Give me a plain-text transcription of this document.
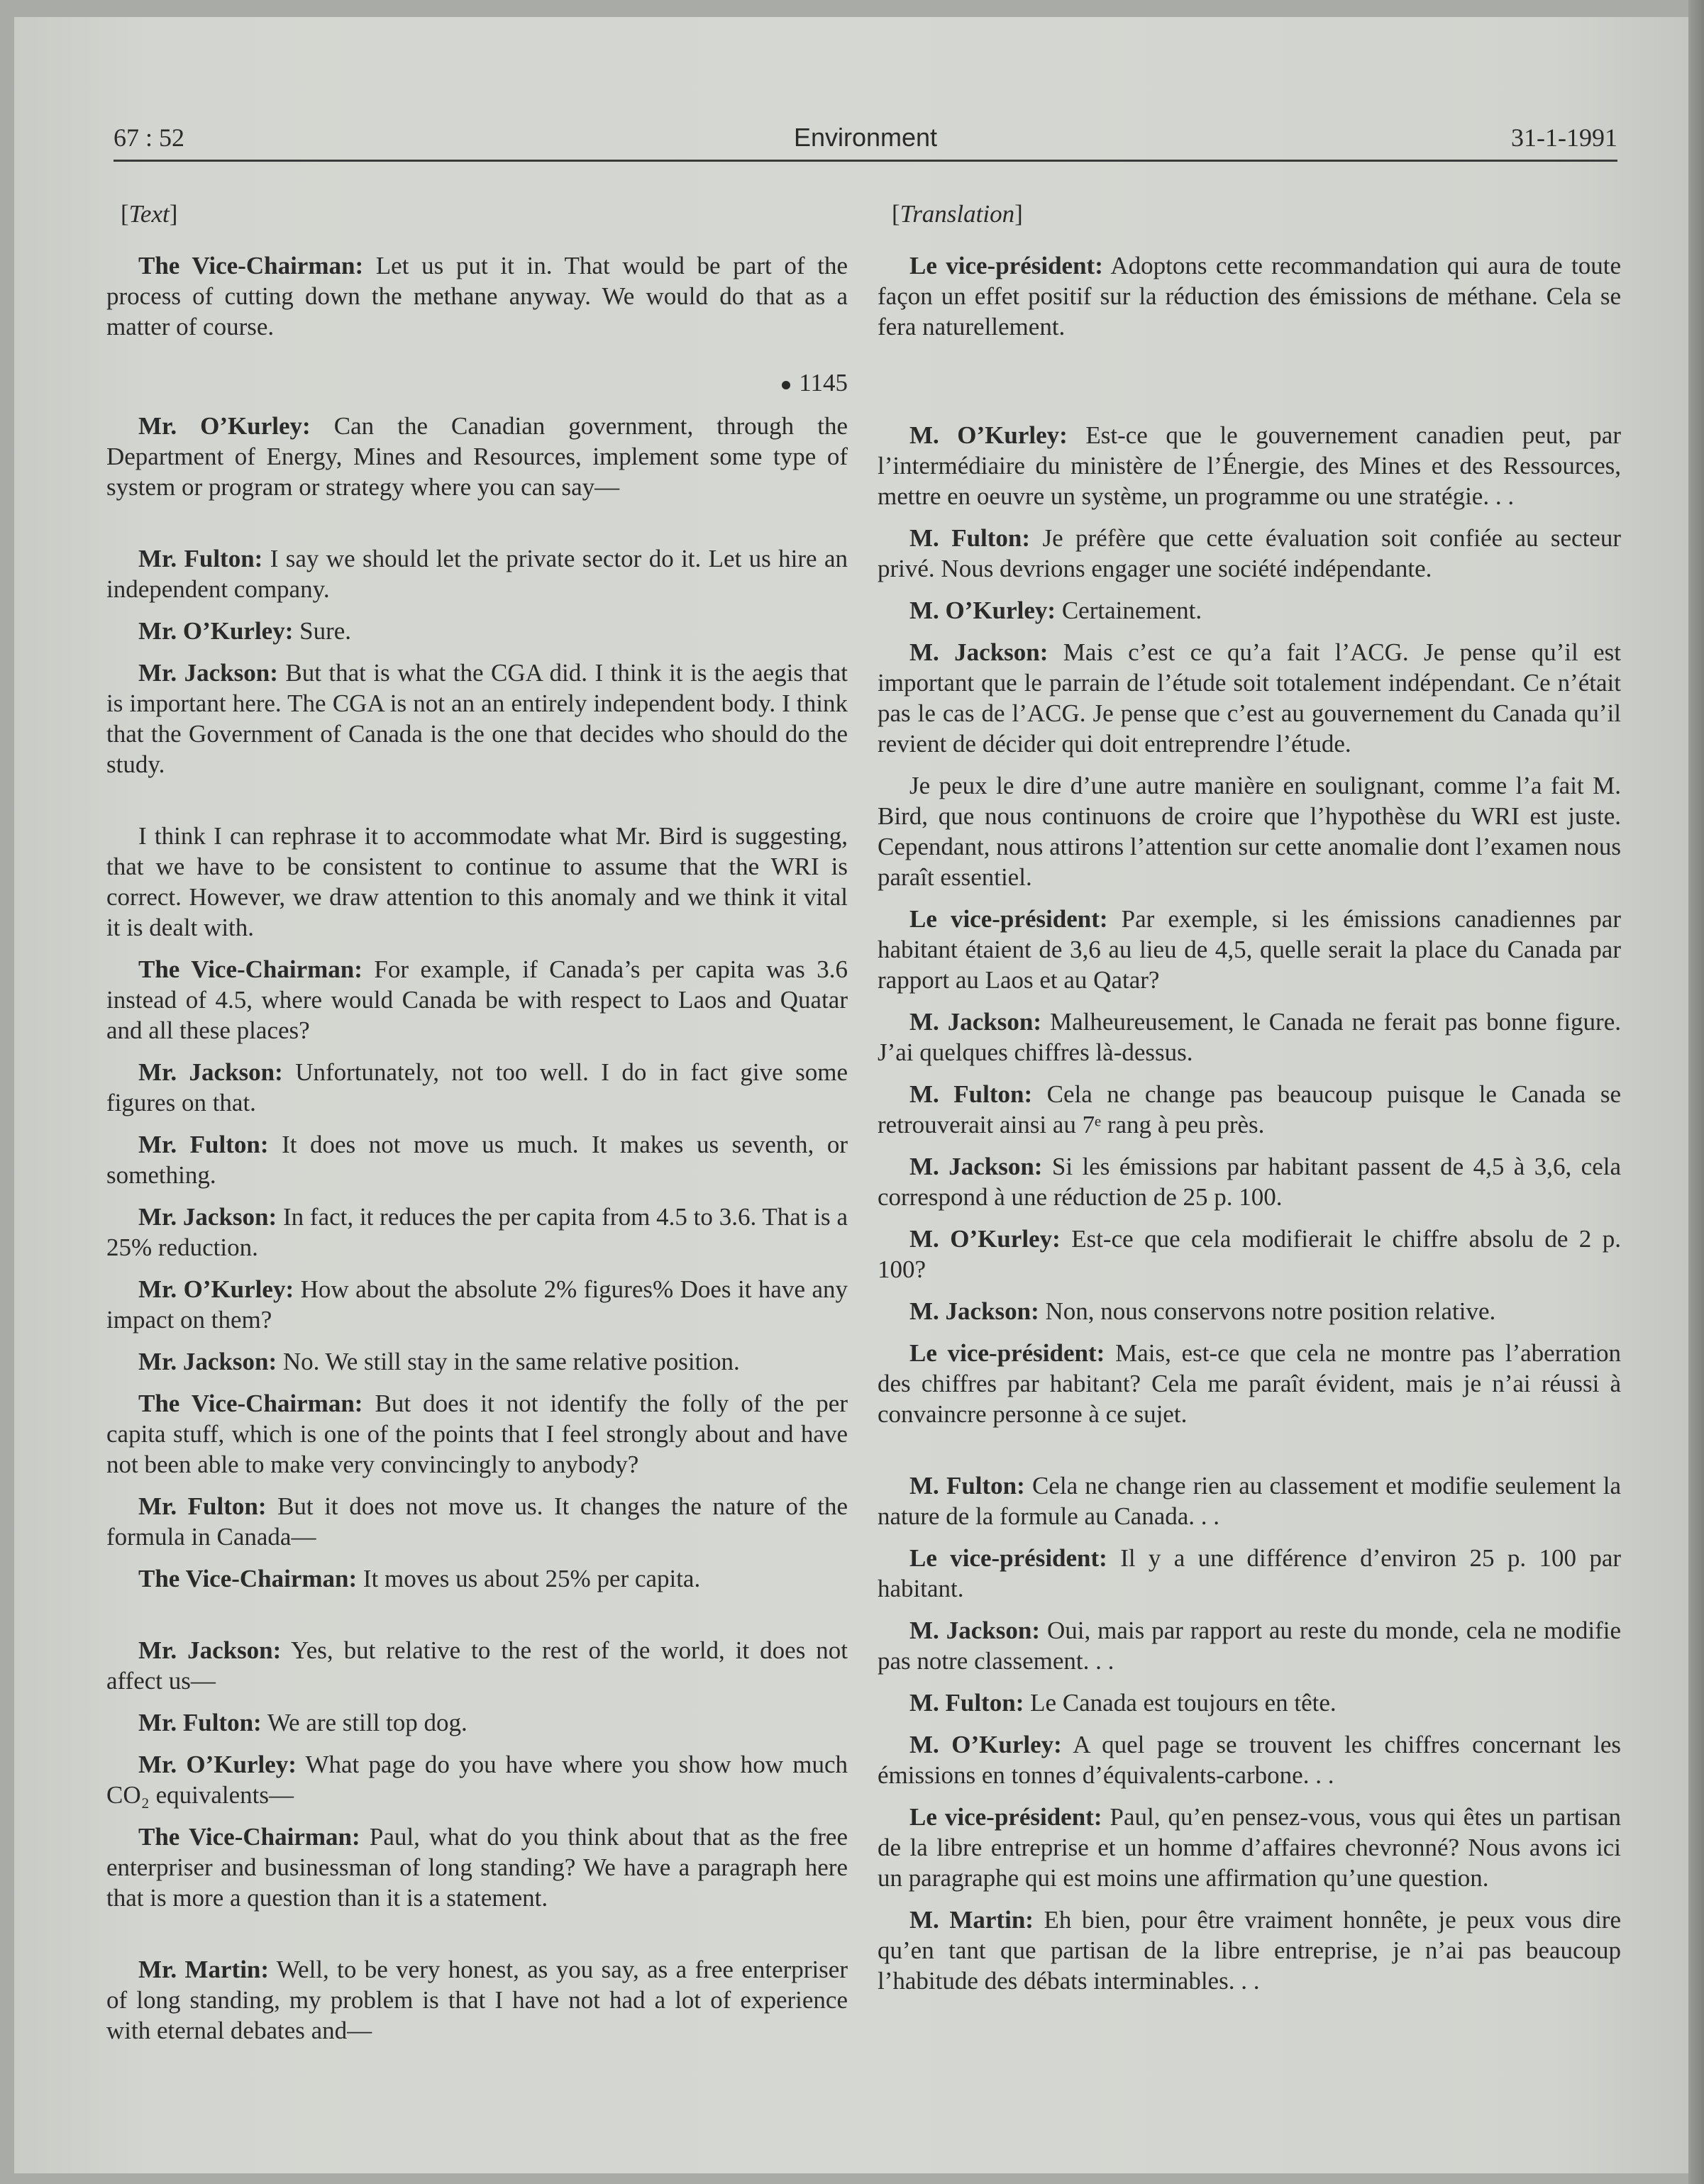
67 : 52	Environment	31-1-1991
[ Text ]

The Vice-Chairman: Let us put it in. That would be part of the process of cutting down the methane anyway. We would do that as a matter of course.

1145

Mr. O’Kurley: Can the Canadian government, through the Department of Energy, Mines and Resources, implement some type of system or program or strategy where you can say—

Mr. Fulton: I say we should let the private sector do it. Let us hire an independent company.

Mr. O’Kurley: Sure.

Mr. Jackson: But that is what the CGA did. I think it is the aegis that is important here. The CGA is not an an entirely independent body. I think that the Government of Canada is the one that decides who should do the study.

I think I can rephrase it to accommodate what Mr. Bird is suggesting, that we have to be consistent to continue to assume that the WRI is correct. However, we draw attention to this anomaly and we think it vital it is dealt with.

The Vice-Chairman: For example, if Canada’s per capita was 3.6 instead of 4.5, where would Canada be with respect to Laos and Quatar and all these places?

Mr. Jackson: Unfortunately, not too well. I do in fact give some figures on that.

Mr. Fulton: It does not move us much. It makes us seventh, or something.

Mr. Jackson: In fact, it reduces the per capita from 4.5 to 3.6. That is a 25% reduction.

Mr. O’Kurley: How about the absolute 2% figures% Does it have any impact on them?

Mr. Jackson: No. We still stay in the same relative position.

The Vice-Chairman: But does it not identify the folly of the per capita stuff, which is one of the points that I feel strongly about and have not been able to make very convincingly to anybody?

Mr. Fulton: But it does not move us. It changes the nature of the formula in Canada—

The Vice-Chairman: It moves us about 25% per capita.

Mr. Jackson: Yes, but relative to the rest of the world, it does not affect us—

Mr. Fulton: We are still top dog.

Mr. O’Kurley: What page do you have where you show how much CO₂ equivalents—

The Vice-Chairman: Paul, what do you think about that as the free enterpriser and businessman of long standing? We have a paragraph here that is more a question than it is a statement.

Mr. Martin: Well, to be very honest, as you say, as a free enterpriser of long standing, my problem is that I have not had a lot of experience with eternal debates and—

[ Translation ]

Le vice-président: Adoptons cette recommandation qui aura de toute façon un effet positif sur la réduction des émissions de méthane. Cela se fera naturellement.

M. O’Kurley: Est-ce que le gouvernement canadien peut, par l’intermédiaire du ministère de l’Énergie, des Mines et des Ressources, mettre en oeuvre un système, un programme ou une stratégie. . .

M. Fulton: Je préfère que cette évaluation soit confiée au secteur privé. Nous devrions engager une société indépendante.

M. O’Kurley: Certainement.

M. Jackson: Mais c’est ce qu’a fait l’ACG. Je pense qu’il est important que le parrain de l’étude soit totalement indépendant. Ce n’était pas le cas de l’ACG. Je pense que c’est au gouvernement du Canada qu’il revient de décider qui doit entreprendre l’étude.

Je peux le dire d’une autre manière en soulignant, comme l’a fait M. Bird, que nous continuons de croire que l’hypothèse du WRI est juste. Cependant, nous attirons l’attention sur cette anomalie dont l’examen nous paraît essentiel.

Le vice-président: Par exemple, si les émissions canadiennes par habitant étaient de 3,6 au lieu de 4,5, quelle serait la place du Canada par rapport au Laos et au Qatar?

M. Jackson: Malheureusement, le Canada ne ferait pas bonne figure. J’ai quelques chiffres là-dessus.

M. Fulton: Cela ne change pas beaucoup puisque le Canada se retrouverait ainsi au 7ᵉ rang à peu près.

M. Jackson: Si les émissions par habitant passent de 4,5 à 3,6, cela correspond à une réduction de 25 p. 100.

M. O’Kurley: Est-ce que cela modifierait le chiffre absolu de 2 p. 100?

M. Jackson: Non, nous conservons notre position relative.

Le vice-président: Mais, est-ce que cela ne montre pas l’aberration des chiffres par habitant? Cela me paraît évident, mais je n’ai réussi à convaincre personne à ce sujet.

M. Fulton: Cela ne change rien au classement et modifie seulement la nature de la formule au Canada. . .

Le vice-président: Il y a une différence d’environ 25 p. 100 par habitant.

M. Jackson: Oui, mais par rapport au reste du monde, cela ne modifie pas notre classement. . .

M. Fulton: Le Canada est toujours en tête.

M. O’Kurley: A quel page se trouvent les chiffres concernant les émissions en tonnes d’équivalents-carbone. . .

Le vice-président: Paul, qu’en pensez-vous, vous qui êtes un partisan de la libre entreprise et un homme d’affaires chevronné? Nous avons ici un paragraphe qui est moins une affirmation qu’une question.

M. Martin: Eh bien, pour être vraiment honnête, je peux vous dire qu’en tant que partisan de la libre entreprise, je n’ai pas beaucoup l’habitude des débats interminables. . .
